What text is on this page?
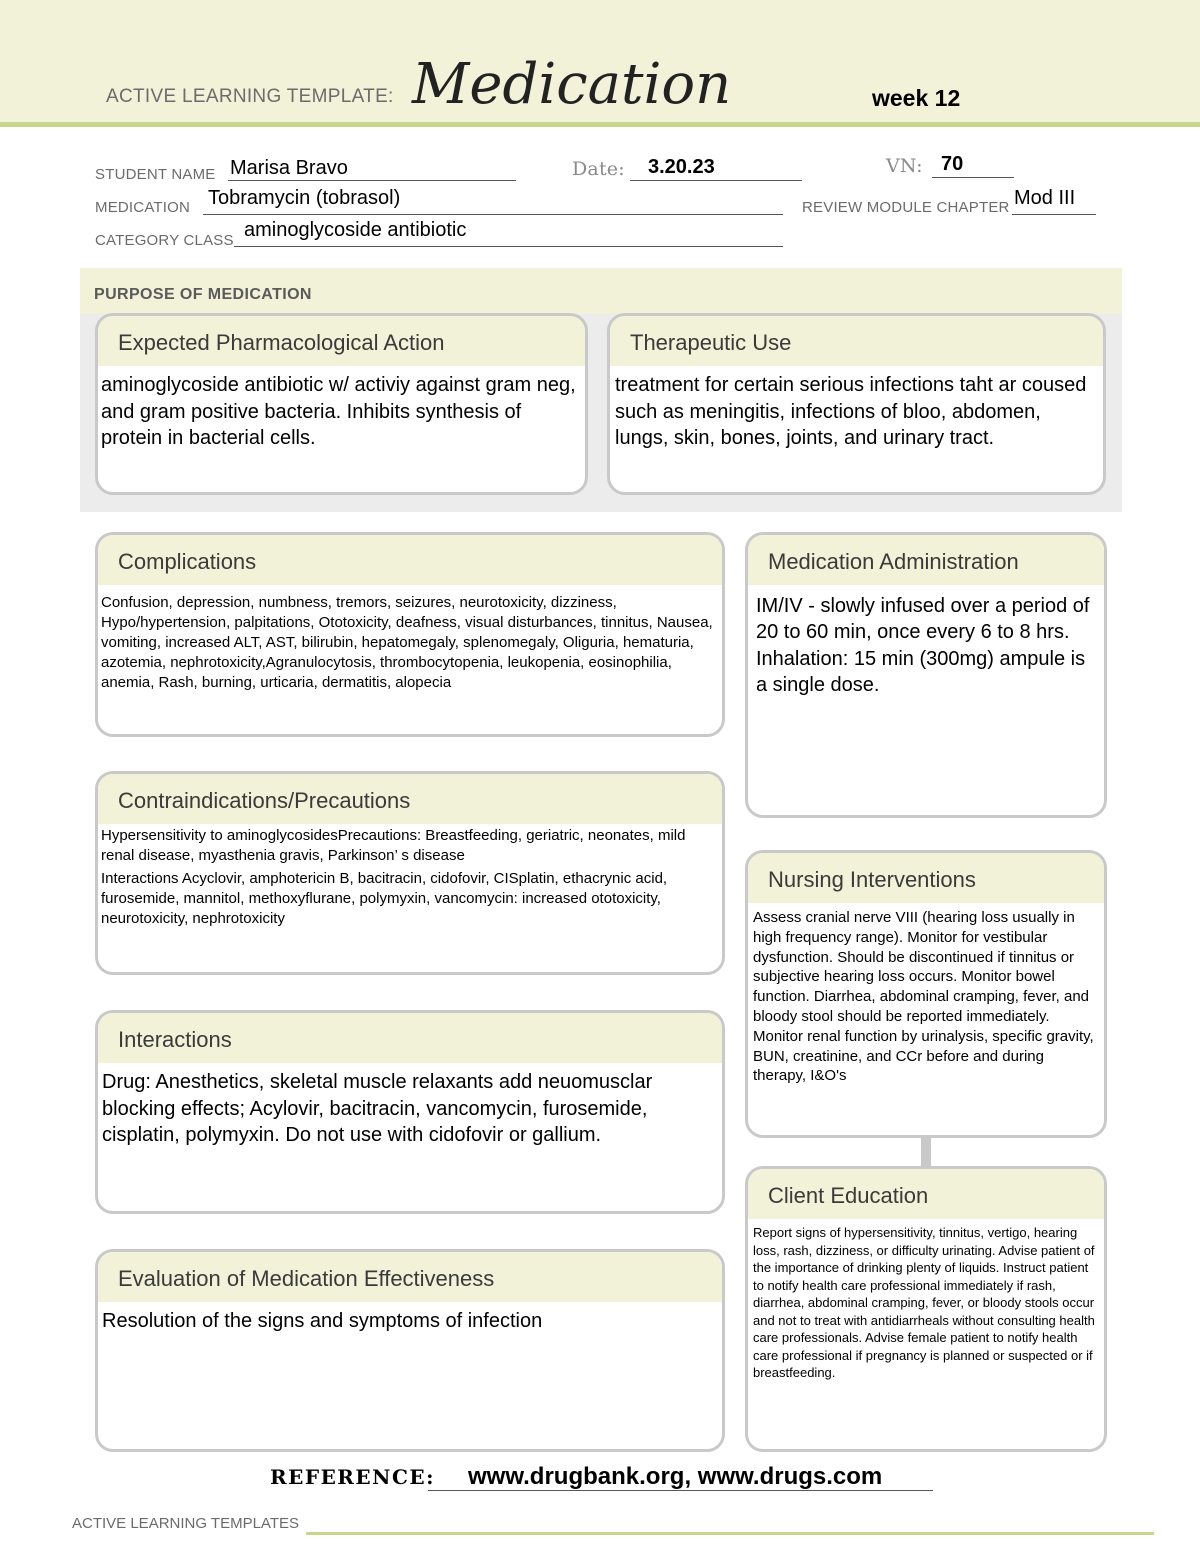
ACTIVE LEARNING TEMPLATE: Medication	week 12
STUDENT NAME Marisa Bravo	Date: 3.20.23	VN: 70
MEDICATION Tobramycin (tobrasol)	REVIEW MODULE CHAPTER Mod III
CATEGORY CLASS aminoglycoside antibiotic
PURPOSE OF MEDICATION
Expected Pharmacological Action
aminoglycoside antibiotic w/ activiy against gram neg, and gram positive bacteria. Inhibits synthesis of protein in bacterial cells.
Therapeutic Use
treatment for certain serious infections taht ar coused such as meningitis, infections of bloo, abdomen, lungs, skin, bones, joints, and urinary tract.
Complications
Confusion, depression, numbness, tremors, seizures, neurotoxicity, dizziness, Hypo/hypertension, palpitations, Ototoxicity, deafness, visual disturbances, tinnitus, Nausea, vomiting, increased ALT, AST, bilirubin, hepatomegaly, splenomegaly, Oliguria, hematuria, azotemia, nephrotoxicity,Agranulocytosis, thrombocytopenia, leukopenia, eosinophilia, anemia, Rash, burning, urticaria, dermatitis, alopecia
Medication Administration
IM/IV - slowly infused over a period of 20 to 60 min, once every 6 to 8 hrs.
Inhalation: 15 min (300mg) ampule is a single dose.
Contraindications/Precautions
Hypersensitivity to aminoglycosidesPrecautions: Breastfeeding, geriatric, neonates, mild renal disease, myasthenia gravis, Parkinson’ s disease
Interactions Acyclovir, amphotericin B, bacitracin, cidofovir, CISplatin, ethacrynic acid, furosemide, mannitol, methoxyflurane, polymyxin, vancomycin: increased ototoxicity, neurotoxicity, nephrotoxicity
Nursing Interventions
Assess cranial nerve VIII (hearing loss usually in high frequency range). Monitor for vestibular dysfunction. Should be discontinued if tinnitus or subjective hearing loss occurs. Monitor bowel function. Diarrhea, abdominal cramping, fever, and bloody stool should be reported immediately. Monitor renal function by urinalysis, specific gravity, BUN, creatinine, and CCr before and during therapy, I&O's
Interactions
Drug: Anesthetics, skeletal muscle relaxants add neuomusclar blocking effects; Acylovir, bacitracin, vancomycin, furosemide, cisplatin, polymyxin. Do not use with cidofovir or gallium.
Client Education
Report signs of hypersensitivity, tinnitus, vertigo, hearing loss, rash, dizziness, or difficulty urinating. Advise patient of the importance of drinking plenty of liquids. Instruct patient to notify health care professional immediately if rash, diarrhea, abdominal cramping, fever, or bloody stools occur and not to treat with antidiarrheals without consulting health care professionals. Advise female patient to notify health care professional if pregnancy is planned or suspected or if breastfeeding.
Evaluation of Medication Effectiveness
Resolution of the signs and symptoms of infection
REFERENCE: www.drugbank.org, www.drugs.com
ACTIVE LEARNING TEMPLATES
